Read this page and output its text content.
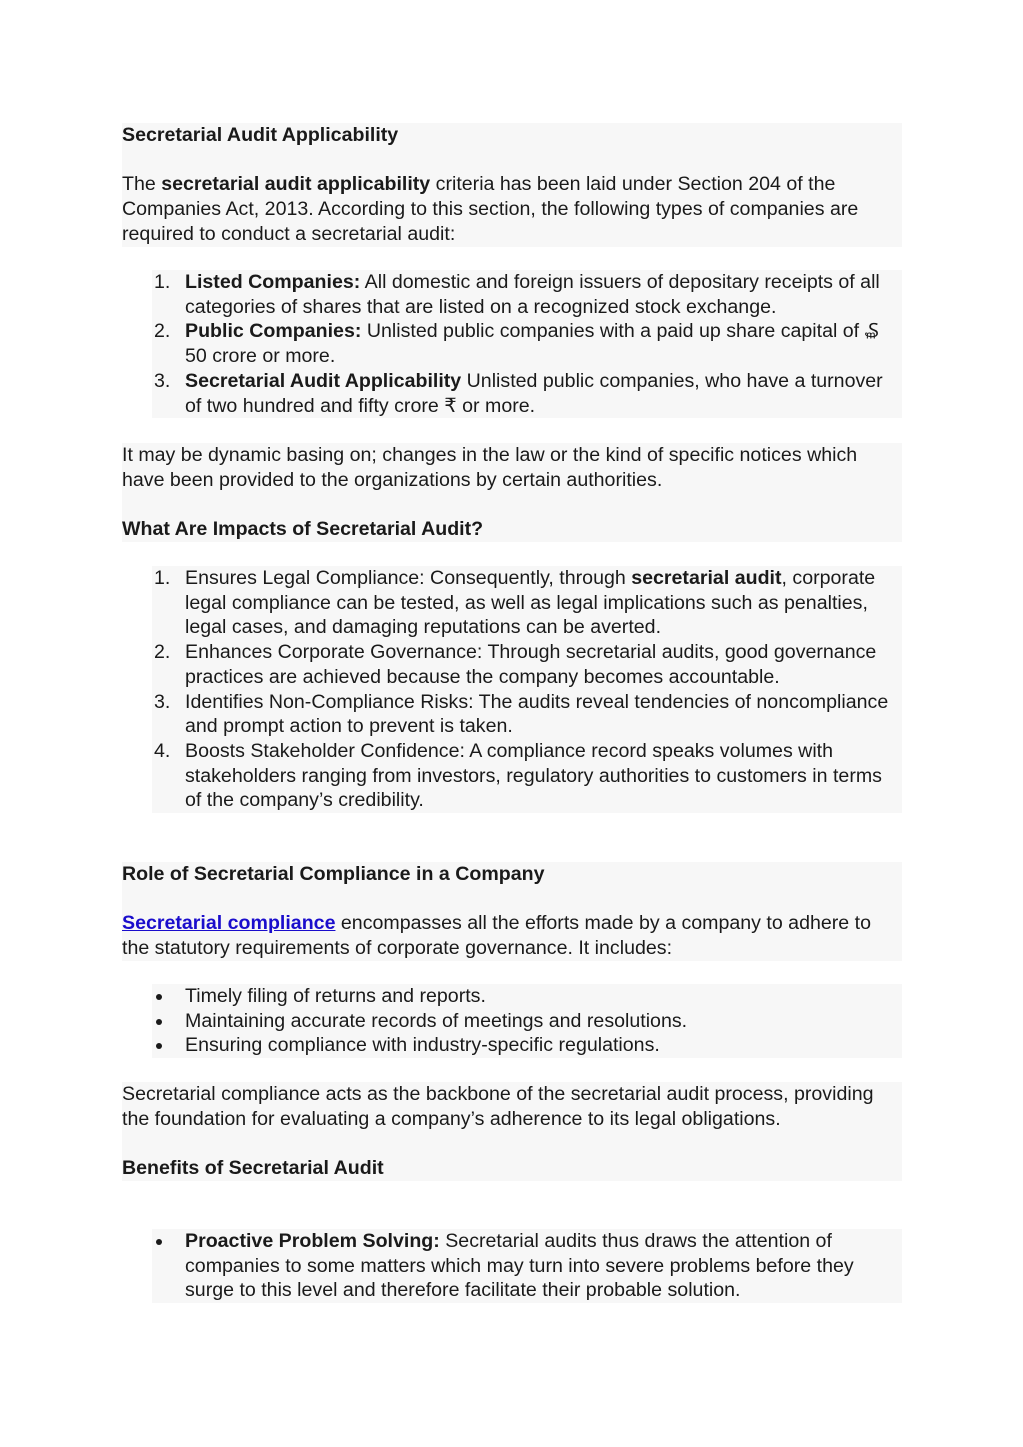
Secretarial Audit Applicability

The secretarial audit applicability criteria has been laid under Section 204 of the Companies Act, 2013. According to this section, the following types of companies are required to conduct a secretarial audit:

1. Listed Companies: All domestic and foreign issuers of depositary receipts of all categories of shares that are listed on a recognized stock exchange.
2. Public Companies: Unlisted public companies with a paid up share capital of ₷ 50 crore or more.
3. Secretarial Audit Applicability Unlisted public companies, who have a turnover of two hundred and fifty crore ₹ or more.

It may be dynamic basing on; changes in the law or the kind of specific notices which have been provided to the organizations by certain authorities.

What Are Impacts of Secretarial Audit?

1. Ensures Legal Compliance: Consequently, through secretarial audit, corporate legal compliance can be tested, as well as legal implications such as penalties, legal cases, and damaging reputations can be averted.
2. Enhances Corporate Governance: Through secretarial audits, good governance practices are achieved because the company becomes accountable.
3. Identifies Non-Compliance Risks: The audits reveal tendencies of noncompliance and prompt action to prevent is taken.
4. Boosts Stakeholder Confidence: A compliance record speaks volumes with stakeholders ranging from investors, regulatory authorities to customers in terms of the company’s credibility.

Role of Secretarial Compliance in a Company

Secretarial compliance encompasses all the efforts made by a company to adhere to the statutory requirements of corporate governance. It includes:

Timely filing of returns and reports.
Maintaining accurate records of meetings and resolutions.
Ensuring compliance with industry-specific regulations.

Secretarial compliance acts as the backbone of the secretarial audit process, providing the foundation for evaluating a company’s adherence to its legal obligations.

Benefits of Secretarial Audit

Proactive Problem Solving: Secretarial audits thus draws the attention of companies to some matters which may turn into severe problems before they surge to this level and therefore facilitate their probable solution.
